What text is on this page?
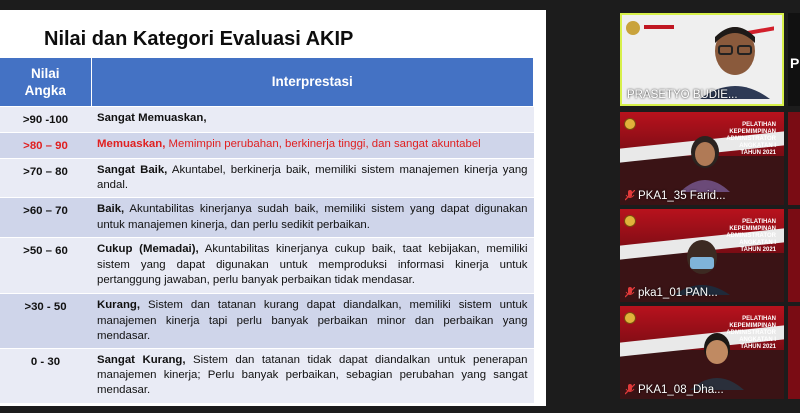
Nilai dan Kategori Evaluasi AKIP
Nilai Angka	Interprestasi
>90 -100	Sangat Memuaskan,
>80 – 90	Memuaskan, Memimpin perubahan, berkinerja tinggi, dan sangat akuntabel
>70 – 80	Sangat Baik, Akuntabel, berkinerja baik, memiliki sistem manajemen kinerja yang andal.
>60 – 70	Baik, Akuntabilitas kinerjanya sudah baik, memiliki sistem yang dapat digunakan untuk manajemen kinerja, dan perlu sedikit perbaikan.
>50 – 60	Cukup (Memadai), Akuntabilitas kinerjanya cukup baik, taat kebijakan, memiliki sistem yang dapat digunakan untuk memproduksi informasi kinerja untuk pertanggung jawaban, perlu banyak perbaikan tidak mendasar.
>30 - 50	Kurang, Sistem dan tatanan kurang dapat diandalkan, memiliki sistem untuk manajemen kinerja tapi perlu banyak perbaikan minor dan perbaikan yang mendasar.
0 - 30	Sangat Kurang, Sistem dan tatanan tidak dapat diandalkan untuk penerapan manajemen kinerja; Perlu banyak perbaikan, sebagian perubahan yang sangat mendasar.
PRASETYO BUDIE...
PELATIHAN
KEPEMIMPINAN
ADMINISTRATOR
ANGKATAN I
TAHUN 2021
PKA1_35 Farid...
PELATIHAN
KEPEMIMPINAN
ADMINISTRATOR
ANGKATAN I
TAHUN 2021
pka1_01 PAN...
PELATIHAN
KEPEMIMPINAN
ADMINISTRATOR
ANGKATAN I
TAHUN 2021
PKA1_08_Dha...
P
